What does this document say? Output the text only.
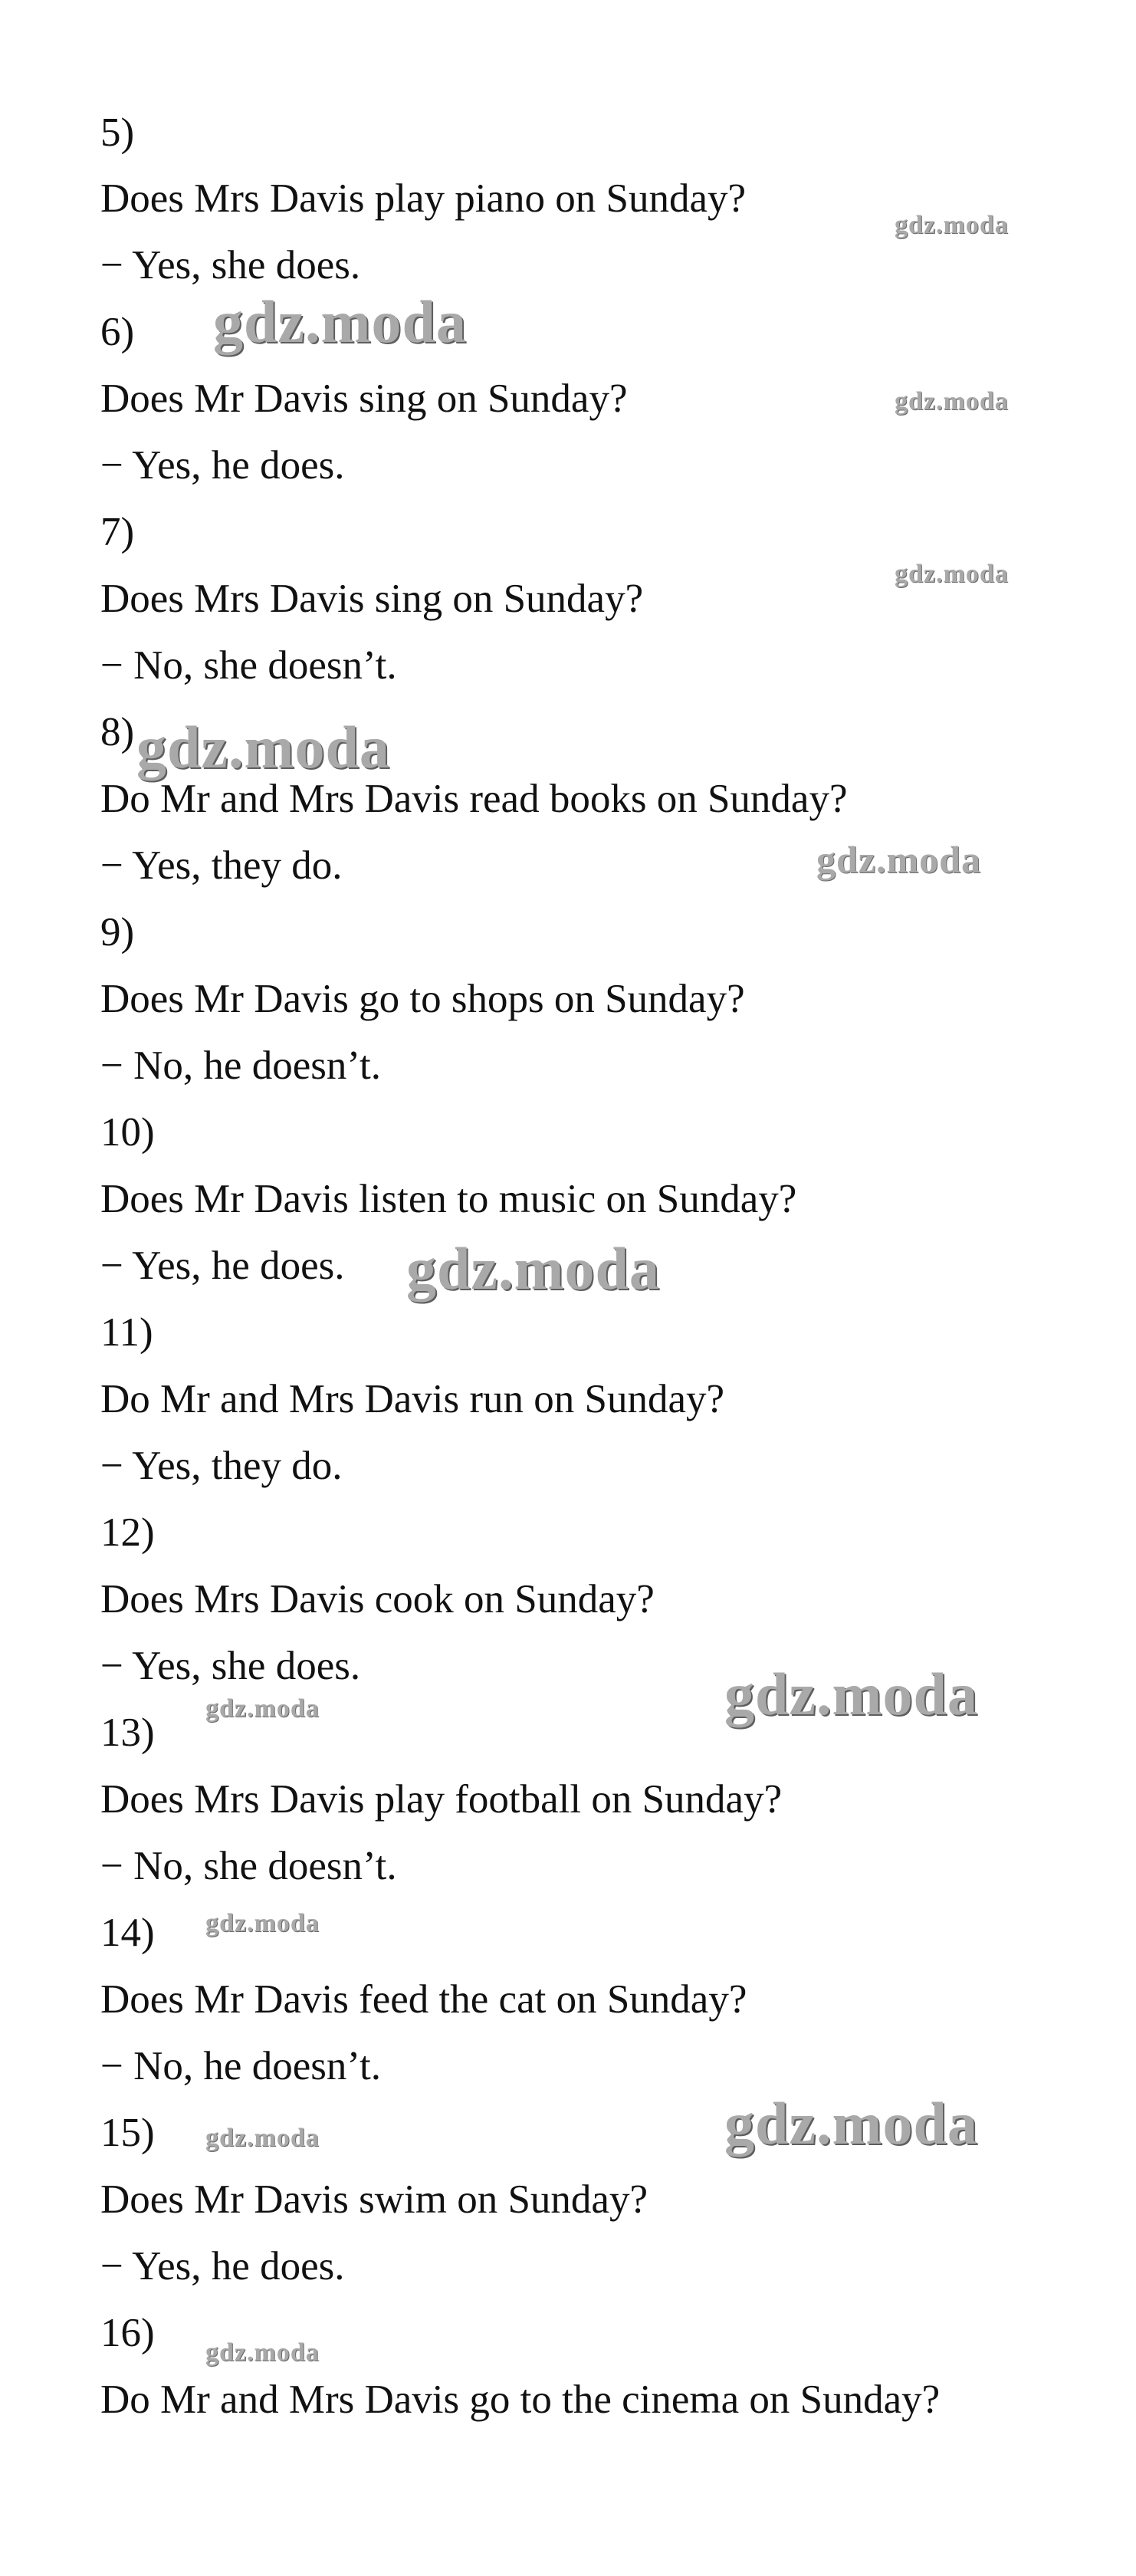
5)
Does Mrs Davis play piano on Sunday?
− Yes, she does.
6)
Does Mr Davis sing on Sunday?
− Yes, he does.
7)
Does Mrs Davis sing on Sunday?
− No, she doesn’t.
8)
Do Mr and Mrs Davis read books on Sunday?
− Yes, they do.
9)
Does Mr Davis go to shops on Sunday?
− No, he doesn’t.
10)
Does Mr Davis listen to music on Sunday?
− Yes, he does.
11)
Do Mr and Mrs Davis run on Sunday?
− Yes, they do.
12)
Does Mrs Davis cook on Sunday?
− Yes, she does.
13)
Does Mrs Davis play football on Sunday?
− No, she doesn’t.
14)
Does Mr Davis feed the cat on Sunday?
− No, he doesn’t.
15)
Does Mr Davis swim on Sunday?
− Yes, he does.
16)
Do Mr and Mrs Davis go to the cinema on Sunday?
gdz.moda
gdz.moda
gdz.moda
gdz.moda
gdz.moda
gdz.moda
gdz.moda
gdz.moda
gdz.moda
gdz.moda
gdz.moda
gdz.moda
gdz.moda
